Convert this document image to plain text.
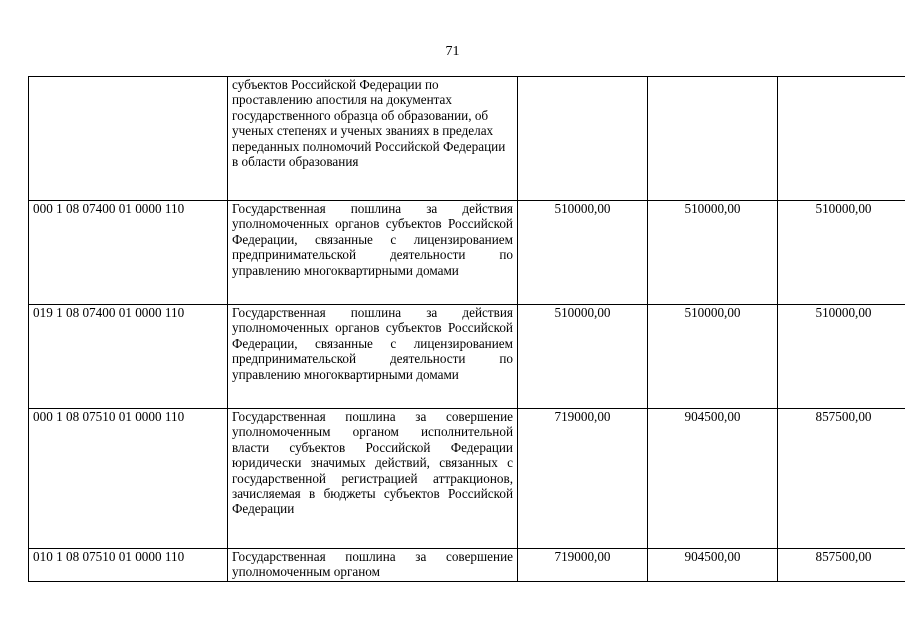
71
	субъектов Российской Федерации по проставлению апостиля на документах государственного образца об образовании, об ученых степенях и ученых званиях в пределах переданных полномочий Российской Федерации в области образования			
000 1 08 07400 01 0000 110	Государственная пошлина за действия уполномоченных органов субъектов Российской Федерации, связанные с лицензированием предпринимательской деятельности по управлению многоквартирными домами	510000,00	510000,00	510000,00
019 1 08 07400 01 0000 110	Государственная пошлина за действия уполномоченных органов субъектов Российской Федерации, связанные с лицензированием предпринимательской деятельности по управлению многоквартирными домами	510000,00	510000,00	510000,00
000 1 08 07510 01 0000 110	Государственная пошлина за совершение уполномоченным органом исполнительной власти субъектов Российской Федерации юридически значимых действий, связанных с государственной регистрацией аттракционов, зачисляемая в бюджеты субъектов Российской Федерации	719000,00	904500,00	857500,00
010 1 08 07510 01 0000 110	Государственная пошлина за совершение уполномоченным органом	719000,00	904500,00	857500,00
